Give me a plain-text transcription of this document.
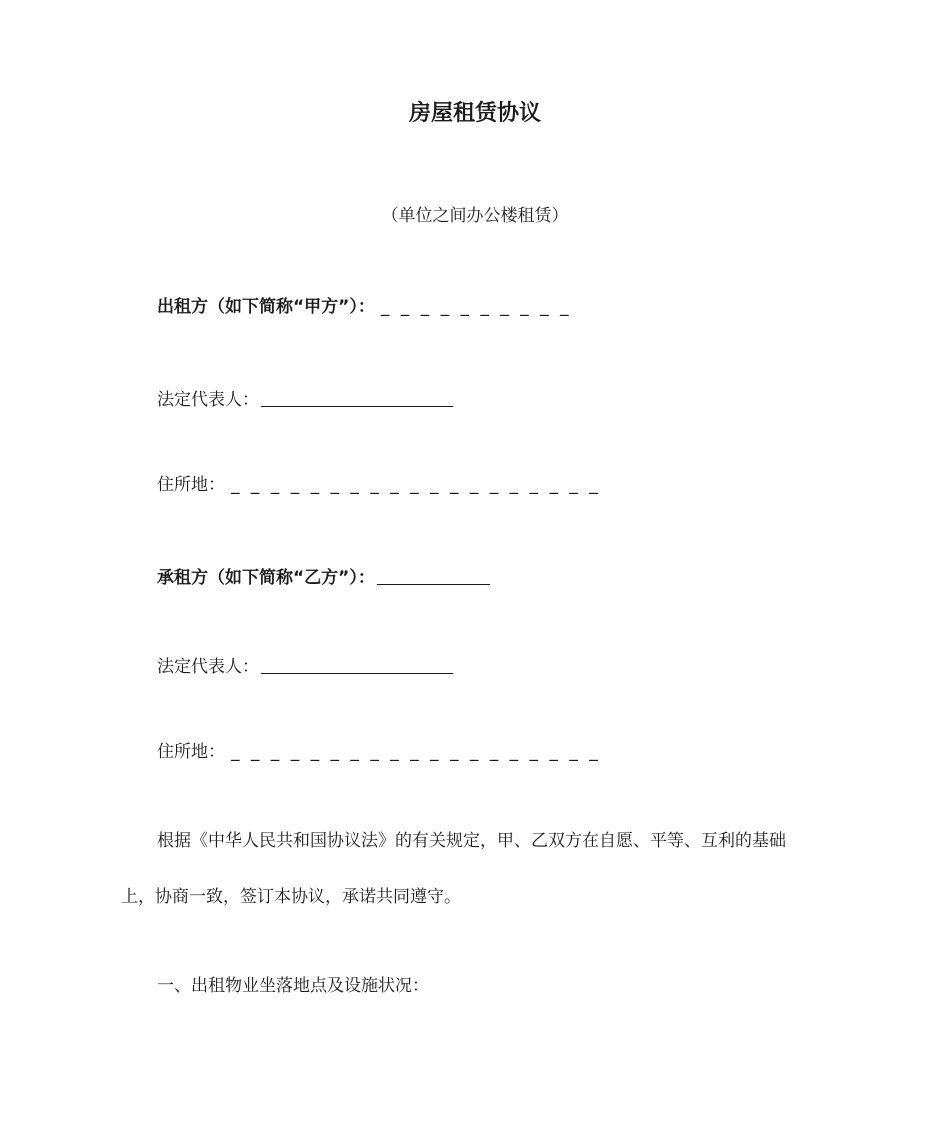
房屋租赁协议
（单位之间办公楼租赁）
出租方（如下简称“甲方”）： _ _ _ _ _ _ _ _ _ _
法定代表人：
住所地： _ _ _ _ _ _ _ _ _ _ _ _ _ _ _ _ _ _ _
承租方（如下简称“乙方”）：
法定代表人：
住所地： _ _ _ _ _ _ _ _ _ _ _ _ _ _ _ _ _ _ _
根据《中华人民共和国协议法》的有关规定，甲、乙双方在自愿、平等、互利的基础
上，协商一致，签订本协议，承诺共同遵守。
一、出租物业坐落地点及设施状况：
